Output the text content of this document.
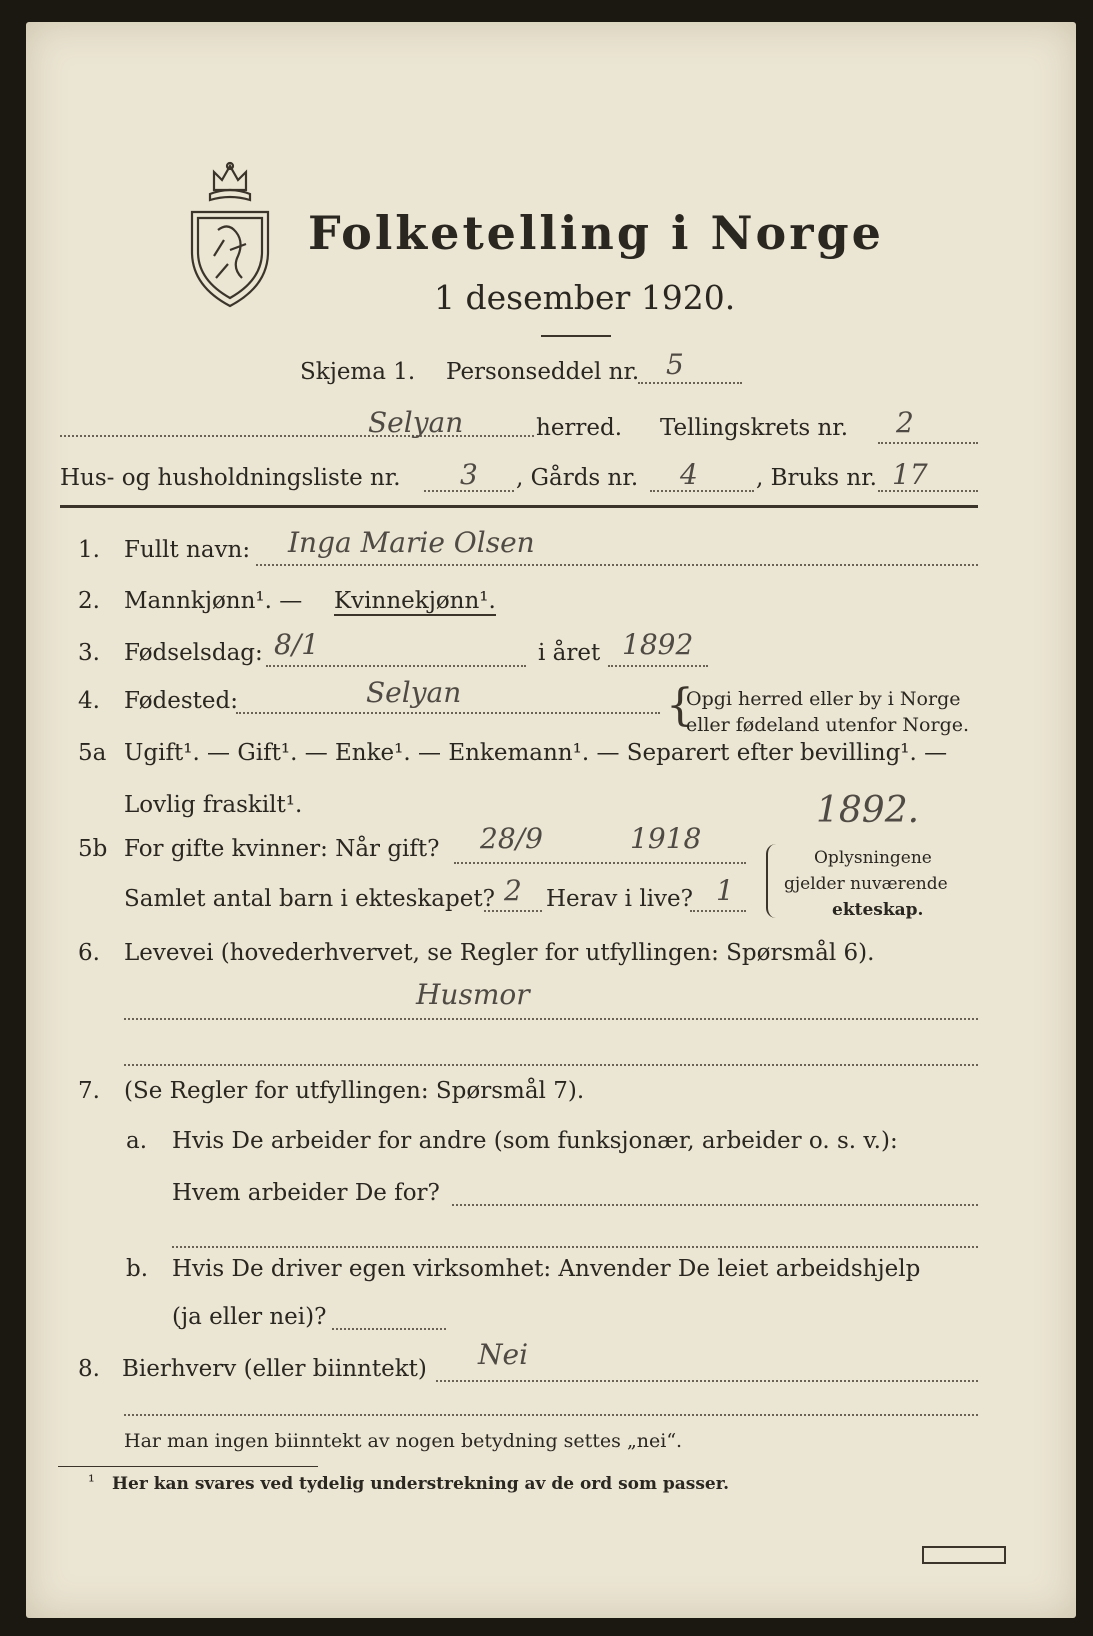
Folketelling i Norge
1 desember 1920.
Skjema 1. Personseddel nr. 5
Selyan	herred. Tellingskrets nr. 2
Hus- og husholdningsliste nr. 3 , Gårds nr. 4	, Bruks nr. 17
1. Fullt navn: Inga Marie Olsen
2. Mannkjønn¹. — Kvinnekjønn¹.
3. Fødselsdag: 8/1	i året 1892
4. Fødested:	Selyan	{
Opgi herred eller by i Norge
eller fødeland utenfor Norge.
5a Ugift¹. — Gift¹. — Enke¹. — Enkemann¹. — Separert efter bevilling¹. —
Lovlig fraskilt¹.	1892.
5b For gifte kvinner: Når gift? 28/9	1918
Samlet antal barn i ekteskapet? 2 Herav i live? 1
Oplysningene
gjelder nuværende
ekteskap.
6. Levevei (hovederhvervet, se Regler for utfyllingen: Spørsmål 6).
Husmor
7. (Se Regler for utfyllingen: Spørsmål 7).
a. Hvis De arbeider for andre (som funksjonær, arbeider o. s. v.):
Hvem arbeider De for?
b. Hvis De driver egen virksomhet: Anvender De leiet arbeidshjelp
(ja eller nei)?
8. Bierhverv (eller biinntekt) Nei
Har man ingen biinntekt av nogen betydning settes „nei“.
¹ Her kan svares ved tydelig understrekning av de ord som passer.
